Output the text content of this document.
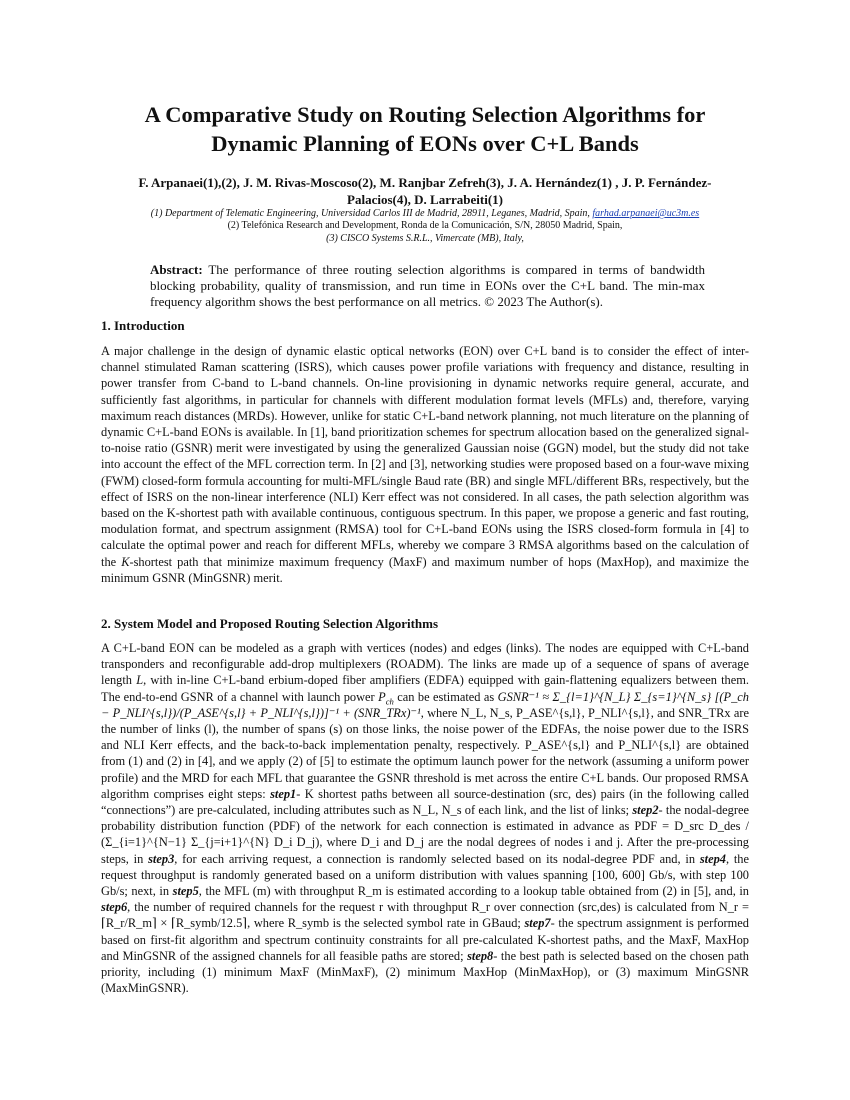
A Comparative Study on Routing Selection Algorithms for
Dynamic Planning of EONs over C+L Bands
F. Arpanaei(1),(2), J. M. Rivas-Moscoso(2), M. Ranjbar Zefreh(3), J. A. Hernández(1) , J. P. Fernández-
Palacios(4), D. Larrabeiti(1)
(1) Department of Telematic Engineering, Universidad Carlos III de Madrid, 28911, Leganes, Madrid, Spain, farhad.arpanaei@uc3m.es
(2) Telefónica Research and Development, Ronda de la Comunicación, S/N, 28050 Madrid, Spain,
(3) CISCO Systems S.R.L., Vimercate (MB), Italy,
Abstract: The performance of three routing selection algorithms is compared in terms of bandwidth blocking probability, quality of transmission, and run time in EONs over the C+L band. The min-max frequency algorithm shows the best performance on all metrics. © 2023 The Author(s).
1. Introduction
A major challenge in the design of dynamic elastic optical networks (EON) over C+L band is to consider the effect of inter-channel stimulated Raman scattering (ISRS), which causes power profile variations with frequency and distance, resulting in power transfer from C-band to L-band channels. On-line provisioning in dynamic networks require general, accurate, and sufficiently fast algorithms, in particular for channels with different modulation format levels (MFLs) and, therefore, varying maximum reach distances (MRDs). However, unlike for static C+L-band network planning, not much literature on the planning of dynamic C+L-band EONs is available. In [1], band prioritization schemes for spectrum allocation based on the generalized signal-to-noise ratio (GSNR) merit were investigated by using the generalized Gaussian noise (GGN) model, but the study did not take into account the effect of the MFL correction term. In [2] and [3], networking studies were proposed based on a four-wave mixing (FWM) closed-form formula accounting for multi-MFL/single Baud rate (BR) and single MFL/different BRs, respectively, but the effect of ISRS on the non-linear interference (NLI) Kerr effect was not considered. In all cases, the path selection algorithm was based on the K-shortest path with available continuous, contiguous spectrum. In this paper, we propose a generic and fast routing, modulation format, and spectrum assignment (RMSA) tool for C+L-band EONs using the ISRS closed-form formula in [4] to calculate the optimal power and reach for different MFLs, whereby we compare 3 RMSA algorithms based on the calculation of the K-shortest path that minimize maximum frequency (MaxF) and maximum number of hops (MaxHop), and maximize the minimum GSNR (MinGSNR) merit.
2. System Model and Proposed Routing Selection Algorithms
A C+L-band EON can be modeled as a graph with vertices (nodes) and edges (links). The nodes are equipped with C+L-band transponders and reconfigurable add-drop multiplexers (ROADM). The links are made up of a sequence of spans of average length L, with in-line C+L-band erbium-doped fiber amplifiers (EDFA) equipped with gain-flattening equalizers between them. The end-to-end GSNR of a channel with launch power $P_{ch}$ can be estimated as GSNR⁻¹ ≈ Σ_{l=1}^{N_L} Σ_{s=1}^{N_s} [(P_ch − P_NLI^{s,l})/(P_ASE^{s,l} + P_NLI^{s,l})]⁻¹ + (SNR_TRx)⁻¹, where N_L, N_s, P_ASE^{s,l}, P_NLI^{s,l}, and SNR_TRx are the number of links (l), the number of spans (s) on those links, the noise power of the EDFAs, the noise power due to the ISRS and NLI Kerr effects, and the back-to-back implementation penalty, respectively. P_ASE^{s,l} and P_NLI^{s,l} are obtained from (1) and (2) in [4], and we apply (2) of [5] to estimate the optimum launch power for the network (assuming a uniform power profile) and the MRD for each MFL that guarantee the GSNR threshold is met across the entire C+L bands. Our proposed RMSA algorithm comprises eight steps: step1- K shortest paths between all source-destination (src, des) pairs (in the following called “connections”) are pre-calculated, including attributes such as N_L, N_s of each link, and the list of links; step2- the nodal-degree probability distribution function (PDF) of the network for each connection is estimated in advance as PDF = D_src D_des / (Σ_{i=1}^{N−1} Σ_{j=i+1}^{N} D_i D_j), where D_i and D_j are the nodal degrees of nodes i and j. After the pre-processing steps, in step3, for each arriving request, a connection is randomly selected based on its nodal-degree PDF and, in step4, the request throughput is randomly generated based on a uniform distribution with values spanning [100, 600] Gb/s, with step 100 Gb/s; next, in step5, the MFL (m) with throughput R_m is estimated according to a lookup table obtained from (2) in [5], and, in step6, the number of required channels for the request r with throughput R_r over connection (src,des) is calculated from N_r = ⌈R_r/R_m⌉ × ⌈R_symb/12.5⌉, where R_symb is the selected symbol rate in GBaud; step7- the spectrum assignment is performed based on first-fit algorithm and spectrum continuity constraints for all pre-calculated K-shortest paths, and the MaxF, MaxHop and MinGSNR of the assigned channels for all feasible paths are stored; step8- the best path is selected based on the chosen path priority, including (1) minimum MaxF (MinMaxF), (2) minimum MaxHop (MinMaxHop), or (3) maximum MinGSNR (MaxMinGSNR).
